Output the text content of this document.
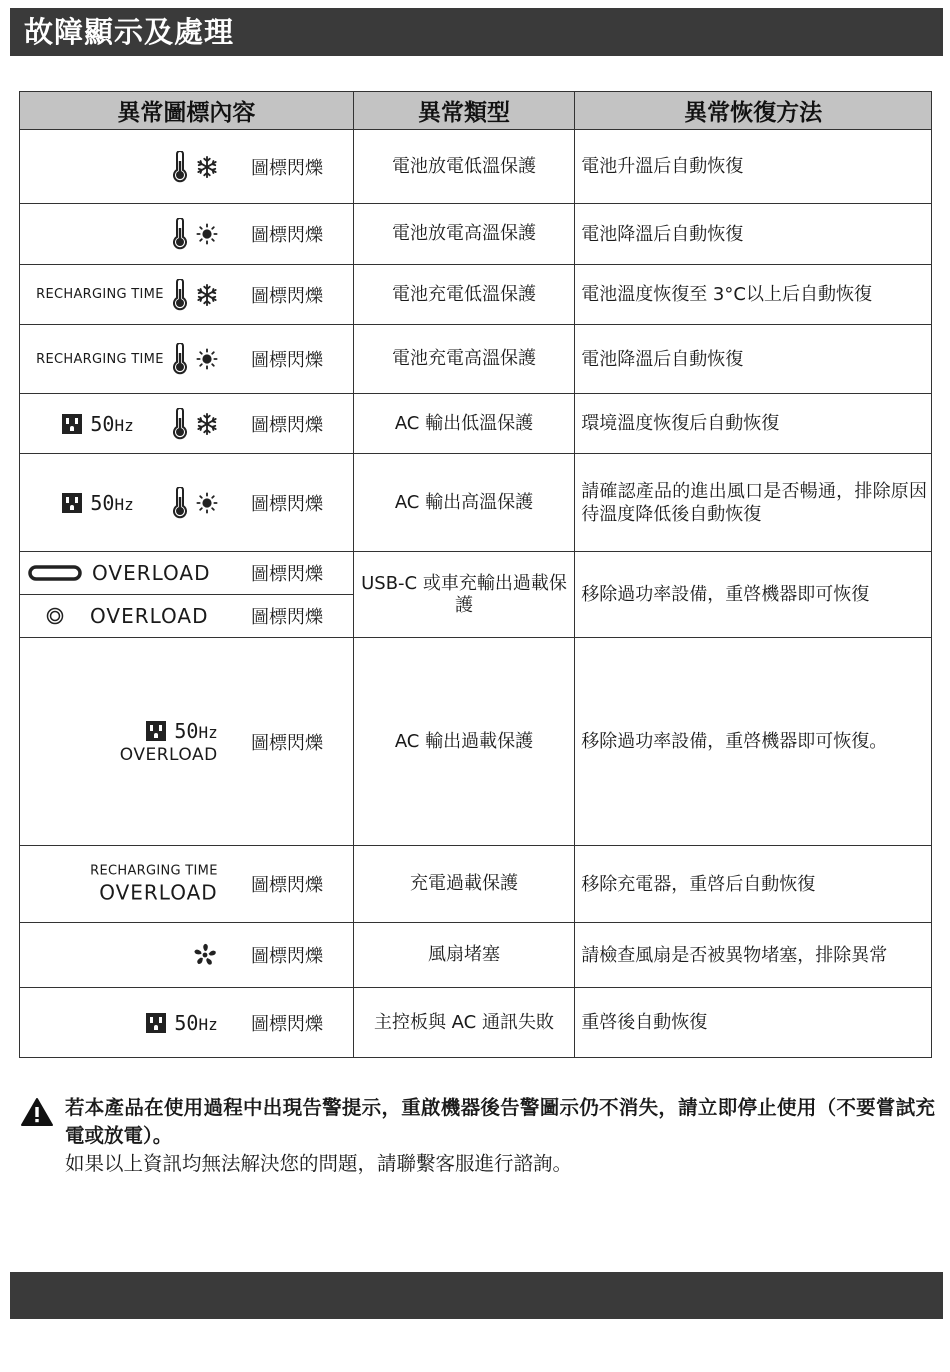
故障顯示及處理
異常圖標內容	異常類型	異常恢復方法

圖標閃爍	電池放電低溫保護	電池升溫后自動恢復

圖標閃爍	電池放電高溫保護	電池降溫后自動恢復

RECHARGING TIME 圖標閃爍	電池充電低溫保護	電池溫度恢復至 3°C以上后自動恢復

RECHARGING TIME 圖標閃爍	電池充電高溫保護	電池降溫后自動恢復

50Hz 圖標閃爍	AC 輸出低溫保護	環境溫度恢復后自動恢復

50Hz 圖標閃爍	AC 輸出高溫保護	請確認產品的進出風口是否暢通，排除原因待溫度降低後自動恢復

OVERLOAD 圖標閃爍	USB-C 或車充輸出過載保護	移除過功率設備，重啓機器即可恢復

OVERLOAD 圖標閃爍		

50Hz
OVERLOAD
圖標閃爍	AC 輸出過載保護	移除過功率設備，重啓機器即可恢復。

RECHARGING TIME
OVERLOAD 圖標閃爍	充電過載保護	移除充電器，重啓后自動恢復

圖標閃爍	風扇堵塞	請檢查風扇是否被異物堵塞，排除異常

50Hz 圖標閃爍	主控板與 AC 通訊失敗	重啓後自動恢復
若本產品在使用過程中出現告警提示，重啟機器後告警圖示仍不消失，請立即停止使用（不要嘗試充電或放電）。
如果以上資訊均無法解決您的問題，請聯繫客服進行諮詢。
